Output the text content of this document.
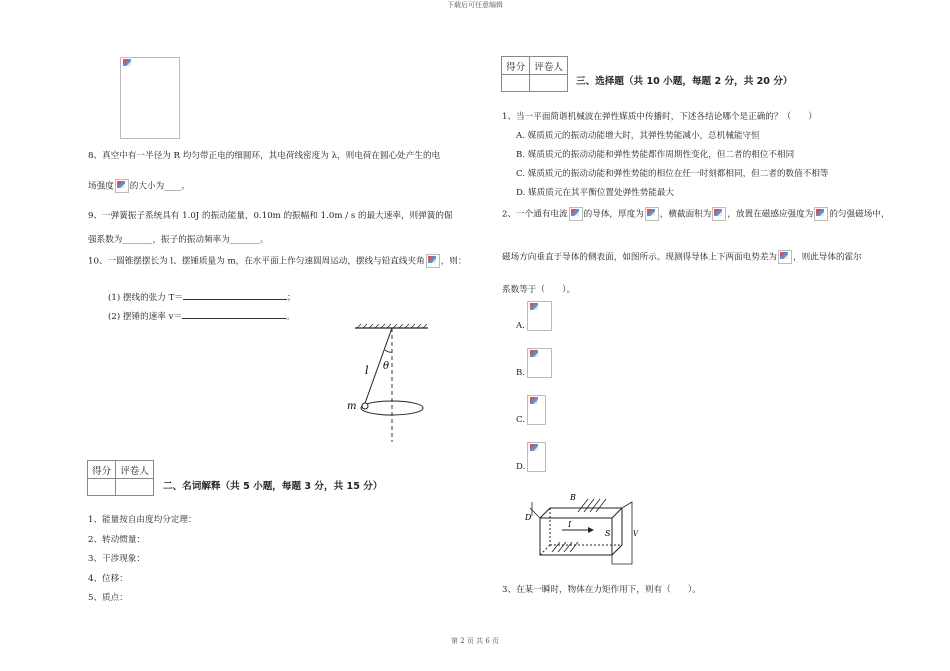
下载后可任意编辑
第 2 页 共 6 页
8、真空中有一半径为 R 均匀带正电的细圆环，其电荷线密度为 λ，则电荷在圆心处产生的电
场强度 的大小为____。
9、一弹簧振子系统具有 1.0J 的振动能量，0.10m 的振幅和 1.0m / s 的最大速率，则弹簧的倔
强系数为_______，振子的振动频率为_______。
10、一圆锥摆摆长为 l、摆锤质量为 m，在水平面上作匀速圆周运动，摆线与铅直线夹角 ，则：
(1) 摆线的张力 T＝	；
(2) 摆锤的速率 v＝	。
l θ
m
得分	评卷人

二、名词解释（共 5 小题，每题 3 分，共 15 分）
1、能量按自由度均分定理：
2、转动惯量：
3、干涉现象：
4、位移：
5、质点：
得分	评卷人

三、选择题（共 10 小题，每题 2 分，共 20 分）
1、当一平面简谐机械波在弹性媒质中传播时，下述各结论哪个是正确的？（　　）
A. 媒质质元的振动动能增大时，其弹性势能减小，总机械能守恒
B. 媒质质元的振动动能和弹性势能都作周期性变化，但二者的相位不相同
C. 媒质质元的振动动能和弹性势能的相位在任一时刻都相同，但二者的数值不相等
D. 媒质质元在其平衡位置处弹性势能最大
2、一个通有电流 的导体，厚度为 ，横截面积为 ，放置在磁感应强度为 的匀强磁场中，
磁场方向垂直于导体的侧表面，如图所示。现测得导体上下两面电势差为 ，则此导体的霍尔
系数等于（　　）。
A.
B.
C.
D.
B
D
I
S	V
3、在某一瞬时，物体在力矩作用下，则有（　　）。
